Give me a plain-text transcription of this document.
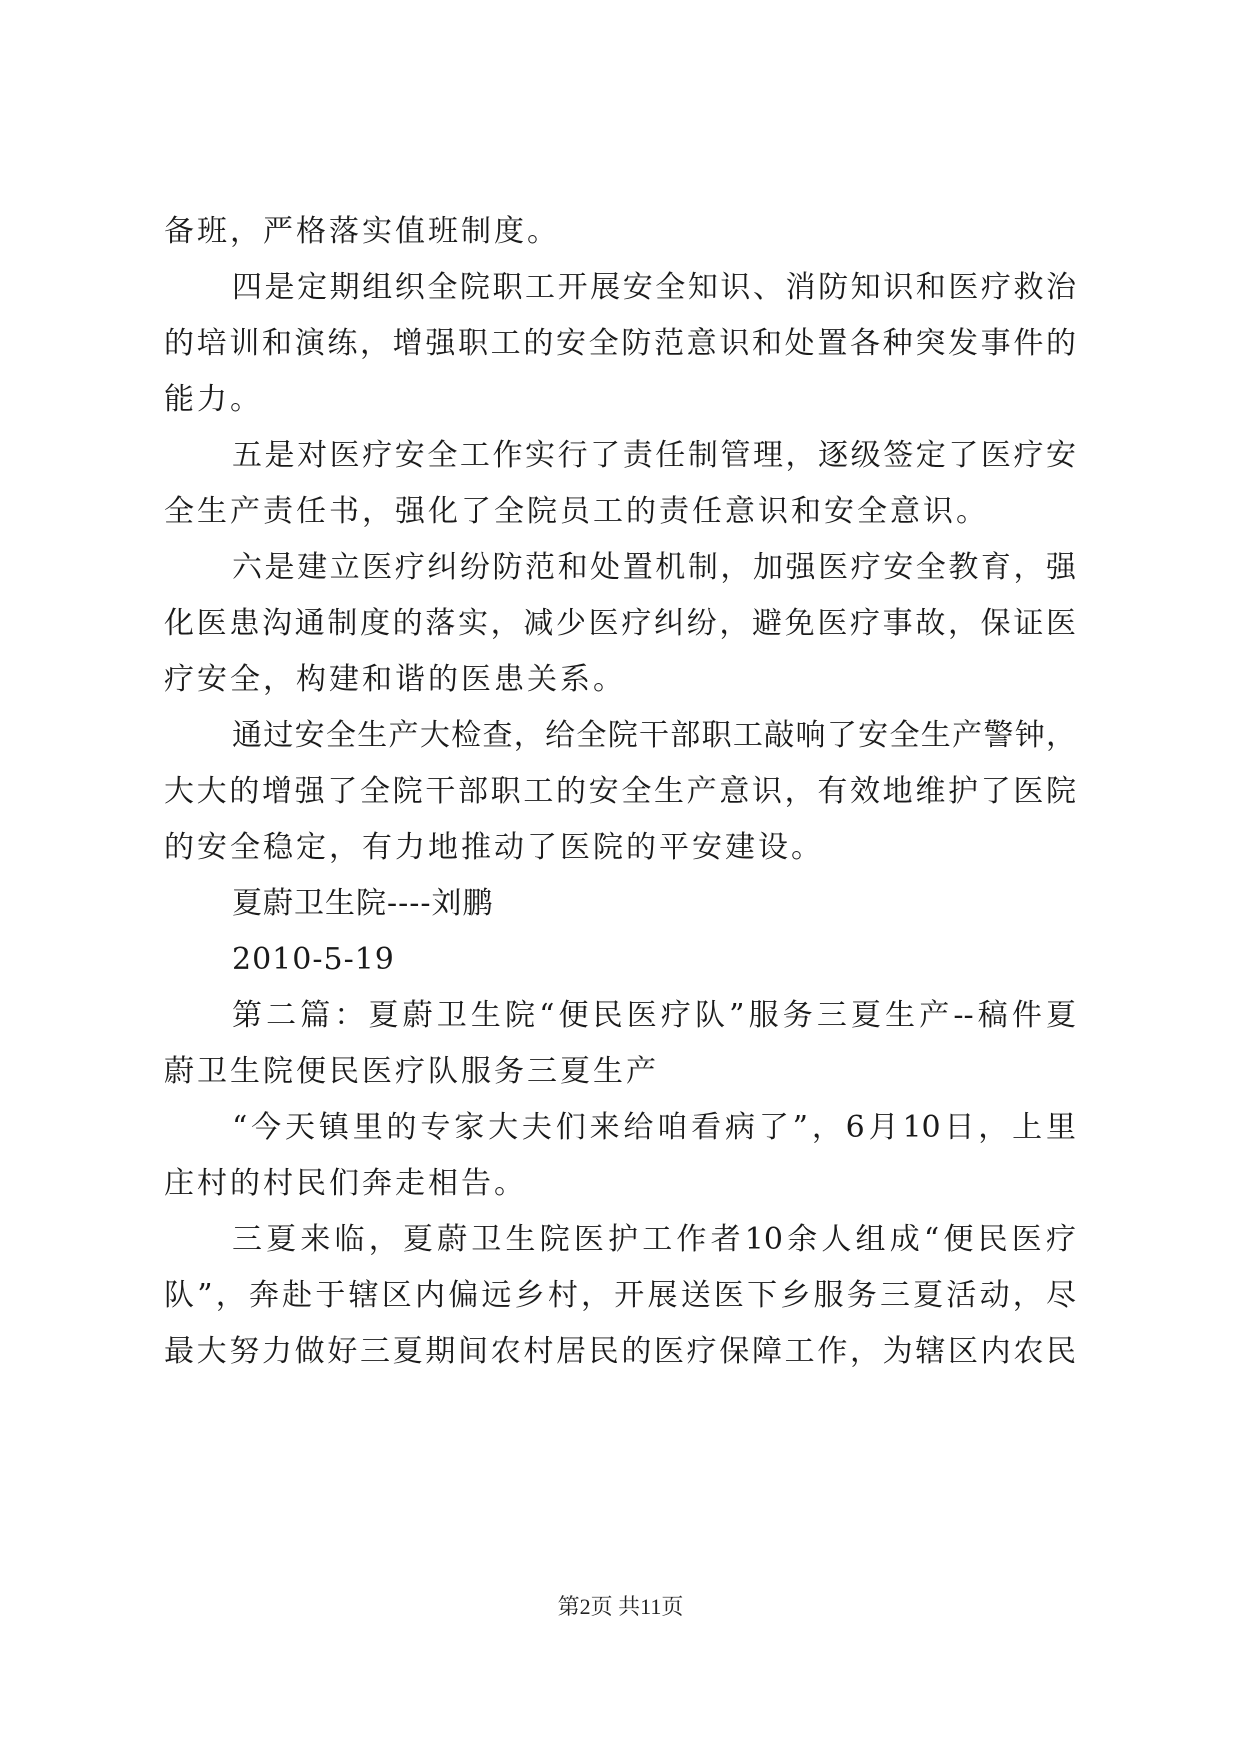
备班，严格落实值班制度。
四是定期组织全院职工开展安全知识、消防知识和医疗救治
的培训和演练，增强职工的安全防范意识和处置各种突发事件的
能力。
五是对医疗安全工作实行了责任制管理，逐级签定了医疗安
全生产责任书，强化了全院员工的责任意识和安全意识。
六是建立医疗纠纷防范和处置机制，加强医疗安全教育，强
化医患沟通制度的落实，减少医疗纠纷，避免医疗事故，保证医
疗安全，构建和谐的医患关系。
通过安全生产大检查，给全院干部职工敲响了安全生产警钟，
大大的增强了全院干部职工的安全生产意识，有效地维护了医院
的安全稳定，有力地推动了医院的平安建设。
夏蔚卫生院----刘鹏
2010-5-19
第二篇：夏蔚卫生院“便民医疗队”服务三夏生产--稿件夏
蔚卫生院便民医疗队服务三夏生产
“今天镇里的专家大夫们来给咱看病了”，6月10日，上里
庄村的村民们奔走相告。
三夏来临，夏蔚卫生院医护工作者10余人组成“便民医疗
队”，奔赴于辖区内偏远乡村，开展送医下乡服务三夏活动，尽
最大努力做好三夏期间农村居民的医疗保障工作，为辖区内农民
第2页 共11页
